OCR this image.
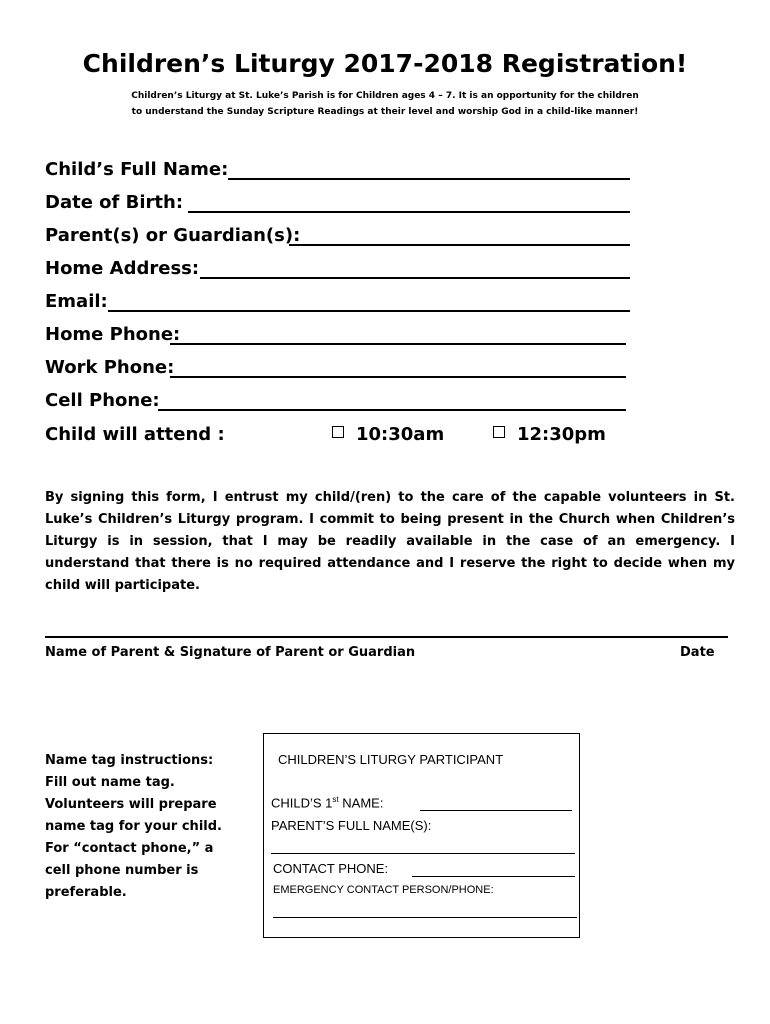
Children’s Liturgy 2017-2018 Registration!
Children’s Liturgy at St. Luke’s Parish is for Children ages 4 – 7. It is an opportunity for the children
to understand the Sunday Scripture Readings at their level and worship God in a child-like manner!
Child’s Full Name:
Date of Birth:
Parent(s) or Guardian(s):
Home Address:
Email:
Home Phone:
Work Phone:
Cell Phone:
Child will attend :	10:30am	12:30pm
By signing this form, I entrust my child/(ren) to the care of the capable volunteers in St. Luke’s Children’s Liturgy program. I commit to being present in the Church when Children’s Liturgy is in session, that I may be readily available in the case of an emergency. I understand that there is no required attendance and I reserve the right to decide when my child will participate.
Name of Parent & Signature of Parent or Guardian	Date
Name tag instructions:
Fill out name tag.
Volunteers will prepare
name tag for your child.
For “contact phone,” a
cell phone number is
preferable.
CHILDREN’S LITURGY PARTICIPANT
CHILD’S 1st NAME:
PARENT’S FULL NAME(S):
CONTACT PHONE:
EMERGENCY CONTACT PERSON/PHONE:
